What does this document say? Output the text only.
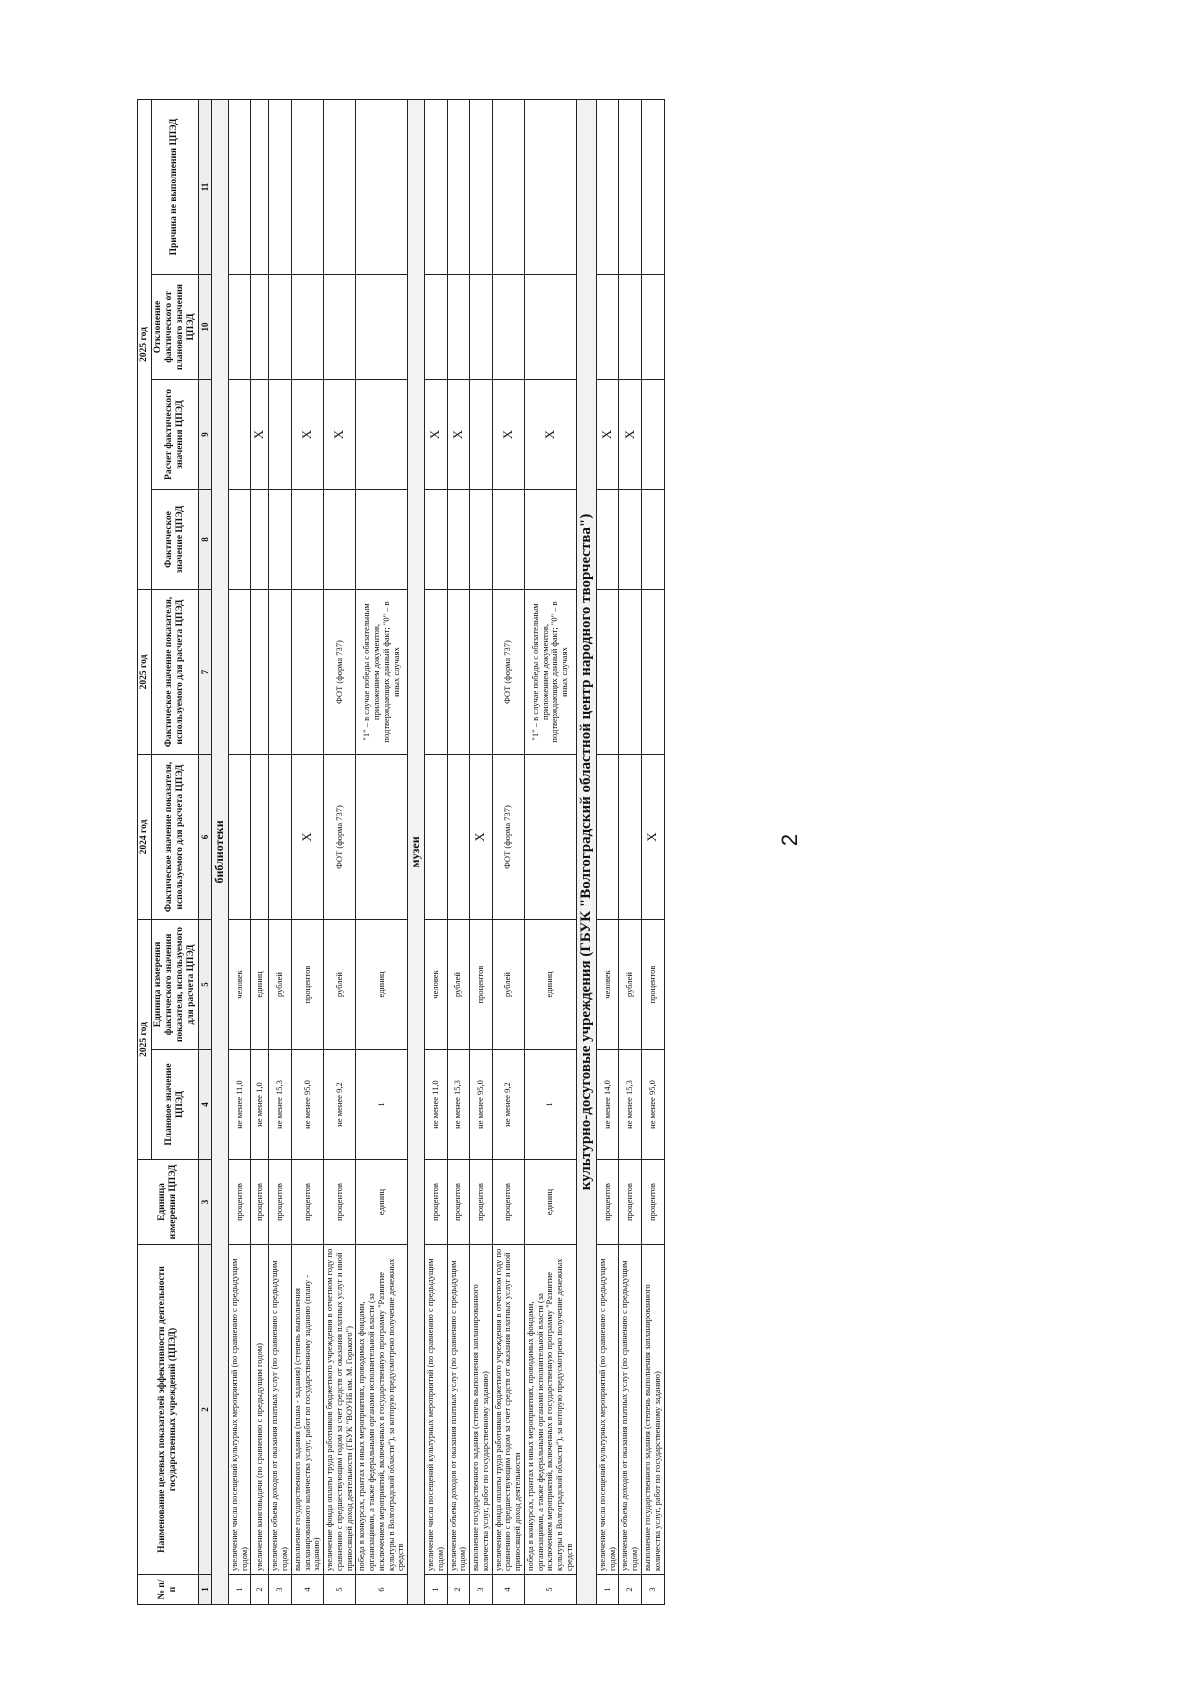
2
№ п/п	Наименование целевых показателей эффективности деятельности государственных учреждений (ЦПЭД)	Единица измерения ЦПЭД	2025 год		2024 год	2025 год	2025 год			
			Плановое значение ЦПЭД	Единица измерения фактического значения показателя, используемого для расчета ЦПЭД	Фактическое значение показателя, используемого для расчета ЦПЭД	Фактическое значение показателя, используемого для расчета ЦПЭД	Фактическое значение ЦПЭД	Расчет фактического значения ЦПЭД	Отклонение фактического от планового значения ЦПЭД	Причина не выполнения ЦПЭД
1	2	3	4	5	6	7	8	9	10	11
библиотеки										
1	увеличение числа посещений культурных мероприятий (по сравнению с предыдущим годом)	процентов	не менее 11,0	человек						
2	увеличение книговыдачи (по сравнению с предыдущим годом)	процентов	не менее 1,0	единиц				X		
3	увеличение объема доходов от оказания платных услуг (по сравнению с предыдущим годом)	процентов	не менее 15,3	рублей						
4	выполнение государственного задания (плана - задания) (степень выполнения запланированного количества услуг, работ по государственному заданию (плану - заданию)	процентов	не менее 95,0	процентов	X			X		
5	увеличение фонда оплаты труда работников бюджетного учреждения в отчетном году по сравнению с предшествующим годом за счет средств от оказания платных услуг и иной приносящей доход деятельности (ГБУК "ВОУНБ им. М. Горького")	процентов	не менее 9,2	рублей	ФОТ (форма 737)	ФОТ (форма 737)		X		
6	победа в конкурсах, грантах и иных мероприятиях, проводимых фондами, организациями, а также федеральными органами исполнительной власти (за исключением мероприятий, включенных в государственную программу "Развитие культуры в Волгоградской области"), за которую предусмотрено получение денежных средств	единиц	1	единиц		"1" – в случае победы с обязательным приложением документов, подтверждающих данный факт; "0" – в иных случаях				
музеи										
1	увеличение числа посещений культурных мероприятий (по сравнению с предыдущим годом)	процентов	не менее 11,0	человек				X		
2	увеличение объема доходов от оказания платных услуг (по сравнению с предыдущим годом)	процентов	не менее 15,3	рублей				X		
3	выполнение государственного задания (степень выполнения запланированного количества услуг, работ по государственному заданию)	процентов	не менее 95,0	процентов	X					
4	увеличение фонда оплаты труда работников бюджетного учреждения в отчетном году по сравнению с предшествующим годом за счет средств от оказания платных услуг и иной приносящей доход деятельности	процентов	не менее 9,2	рублей	ФОТ (форма 737)	ФОТ (форма 737)		X		
5	победа в конкурсах, грантах и иных мероприятиях, проводимых фондами, организациями, а также федеральными органами исполнительной власти (за исключением мероприятий, включенных в государственную программу "Развитие культуры в Волгоградской области"), за которую предусмотрено получение денежных средств	единиц	1	единиц		"1" – в случае победы с обязательным приложением документов, подтверждающих данный факт; "0" – в иных случаях		X		
культурно-досуговые учреждения (ГБУК "Волгоградский областной центр народного творчества")										
1	увеличение числа посещений культурных мероприятий (по сравнению с предыдущим годом)	процентов	не менее 14,0	человек				X		
2	увеличение объема доходов от оказания платных услуг (по сравнению с предыдущим годом)	процентов	не менее 15,3	рублей				X		
3	выполнение государственного задания (степень выполнения запланированного количества услуг, работ по государственному заданию)	процентов	не менее 95,0	процентов	X					
